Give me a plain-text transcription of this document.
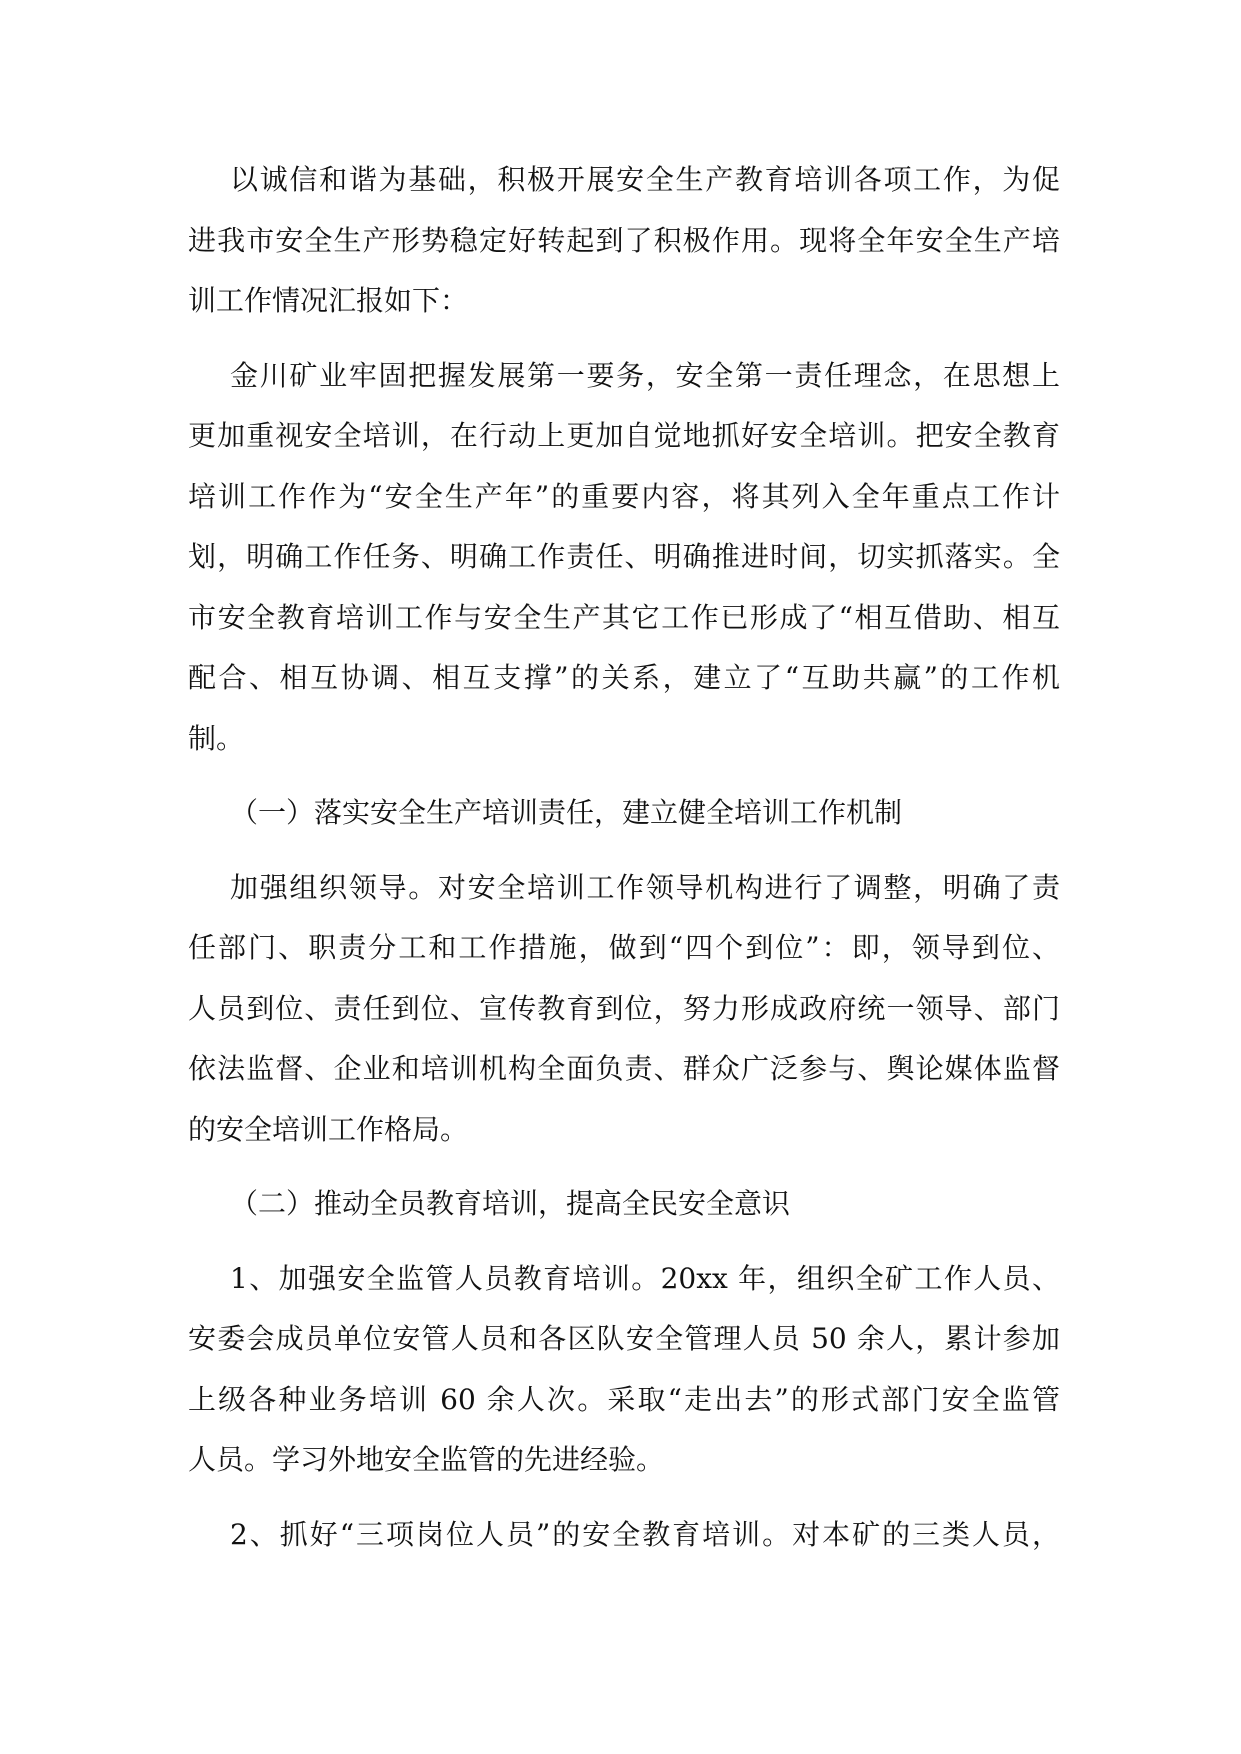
以诚信和谐为基础，积极开展安全生产教育培训各项工作，为促
进我市安全生产形势稳定好转起到了积极作用。现将全年安全生产培
训工作情况汇报如下：
金川矿业牢固把握发展第一要务，安全第一责任理念，在思想上
更加重视安全培训，在行动上更加自觉地抓好安全培训。把安全教育
培训工作作为“安全生产年”的重要内容，将其列入全年重点工作计
划，明确工作任务、明确工作责任、明确推进时间，切实抓落实。全
市安全教育培训工作与安全生产其它工作已形成了“相互借助、相互
配合、相互协调、相互支撑”的关系，建立了“互助共赢”的工作机
制。
（一）落实安全生产培训责任，建立健全培训工作机制
加强组织领导。对安全培训工作领导机构进行了调整，明确了责
任部门、职责分工和工作措施，做到“四个到位”：即，领导到位、
人员到位、责任到位、宣传教育到位，努力形成政府统一领导、部门
依法监督、企业和培训机构全面负责、群众广泛参与、舆论媒体监督
的安全培训工作格局。
（二）推动全员教育培训，提高全民安全意识
1、加强安全监管人员教育培训。20xx 年，组织全矿工作人员、
安委会成员单位安管人员和各区队安全管理人员 50 余人，累计参加
上级各种业务培训 60 余人次。采取“走出去”的形式部门安全监管
人员。学习外地安全监管的先进经验。
2、抓好“三项岗位人员”的安全教育培训。对本矿的三类人员，
